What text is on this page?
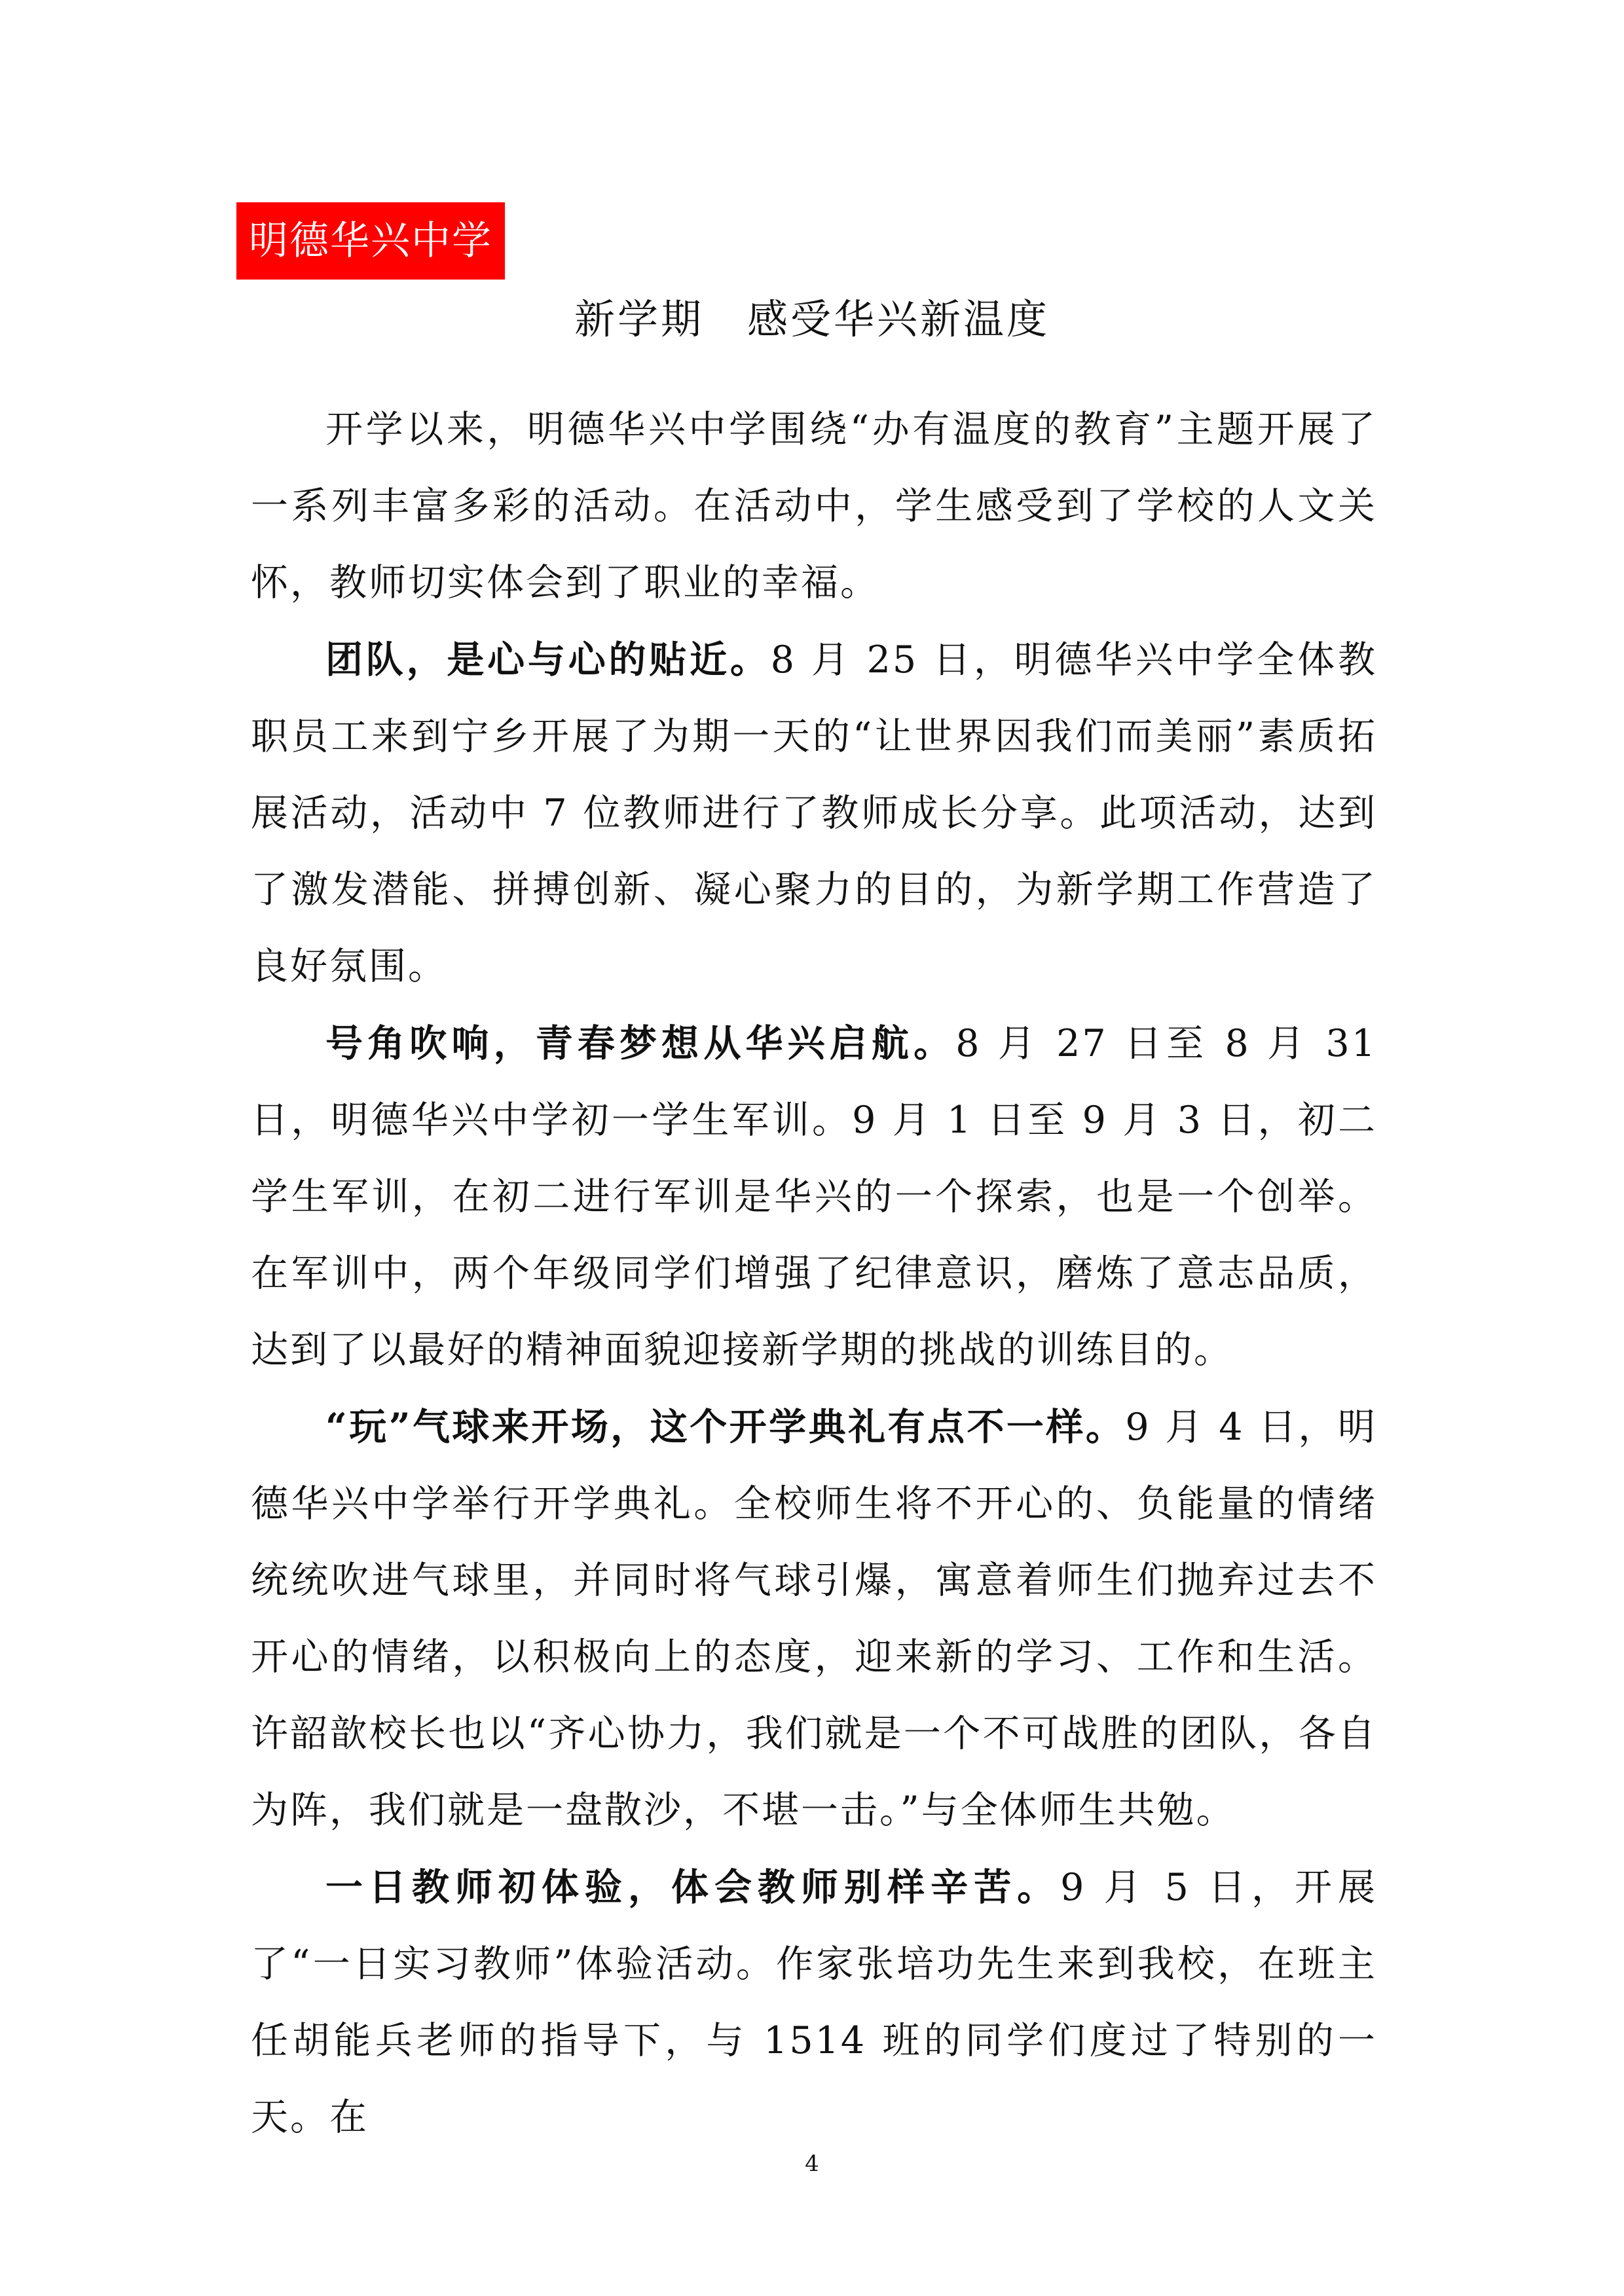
明德华兴中学
新学期　感受华兴新温度

开学以来，明德华兴中学围绕“办有温度的教育”主题开展了一系列丰富多彩的活动。在活动中，学生感受到了学校的人文关怀，教师切实体会到了职业的幸福。

团队，是心与心的贴近。8 月 25 日，明德华兴中学全体教职员工来到宁乡开展了为期一天的“让世界因我们而美丽”素质拓展活动，活动中 7 位教师进行了教师成长分享。此项活动，达到了激发潜能、拼搏创新、凝心聚力的目的，为新学期工作营造了良好氛围。

号角吹响，青春梦想从华兴启航。8 月 27 日至 8 月 31 日，明德华兴中学初一学生军训。9 月 1 日至 9 月 3 日，初二学生军训，在初二进行军训是华兴的一个探索，也是一个创举。在军训中，两个年级同学们增强了纪律意识，磨炼了意志品质，达到了以最好的精神面貌迎接新学期的挑战的训练目的。

“玩”气球来开场，这个开学典礼有点不一样。9 月 4 日，明德华兴中学举行开学典礼。全校师生将不开心的、负能量的情绪统统吹进气球里，并同时将气球引爆，寓意着师生们抛弃过去不开心的情绪，以积极向上的态度，迎来新的学习、工作和生活。许韶歆校长也以“齐心协力，我们就是一个不可战胜的团队，各自为阵，我们就是一盘散沙，不堪一击。”与全体师生共勉。

一日教师初体验，体会教师别样辛苦。9 月 5 日，开展了“一日实习教师”体验活动。作家张培功先生来到我校，在班主任胡能兵老师的指导下，与 1514 班的同学们度过了特别的一天。在

4
